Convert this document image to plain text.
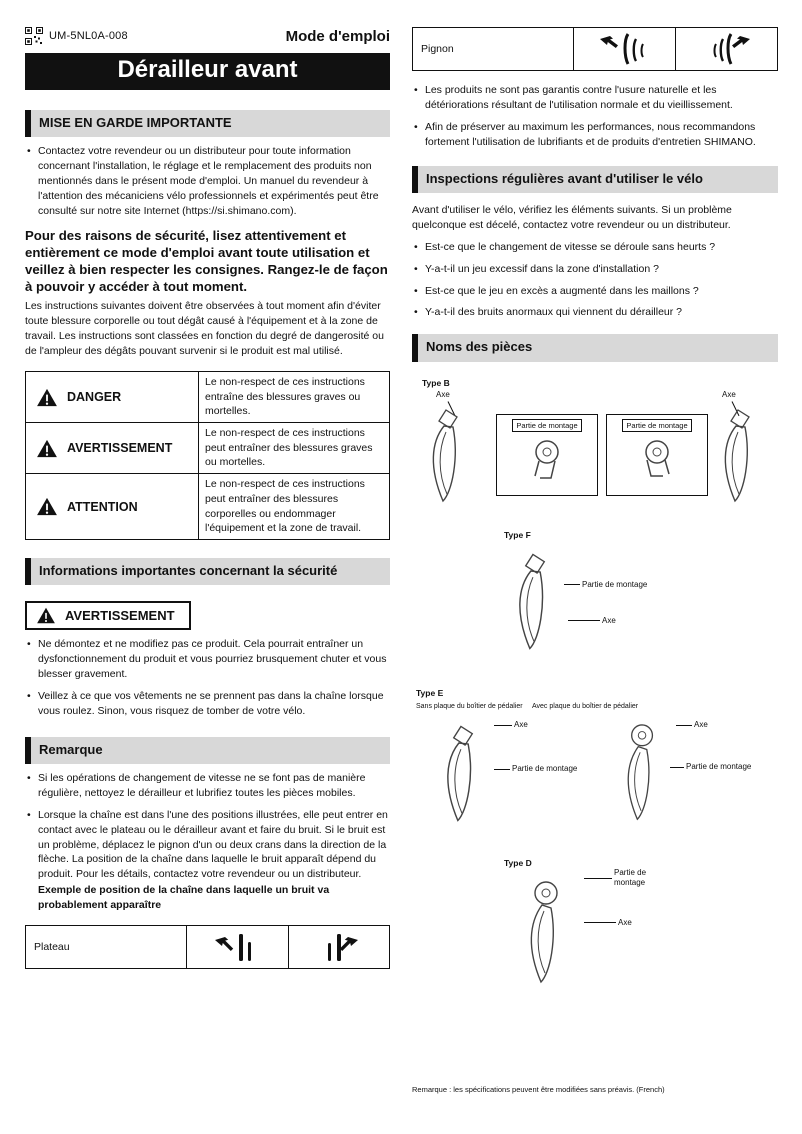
UM-5NL0A-008	Mode d'emploi
Dérailleur avant
MISE EN GARDE IMPORTANTE
• Contactez votre revendeur ou un distributeur pour toute information concernant l'installation, le réglage et le remplacement des produits non mentionnés dans le présent mode d'emploi. Un manuel du revendeur à l'attention des mécaniciens vélo professionnels et expérimentés peut être consulté sur notre site Internet (https://si.shimano.com).
Pour des raisons de sécurité, lisez attentivement et entièrement ce mode d'emploi avant toute utilisation et veillez à bien respecter les consignes. Rangez-le de façon à pouvoir y accéder à tout moment.
Les instructions suivantes doivent être observées à tout moment afin d'éviter toute blessure corporelle ou tout dégât causé à l'équipement et à la zone de travail. Les instructions sont classées en fonction du degré de dangerosité ou de l'ampleur des dégâts pouvant survenir si le produit est mal utilisé.
DANGER
Le non-respect de ces instructions entraîne des blessures graves ou mortelles.
AVERTISSEMENT
Le non-respect de ces instructions peut entraîner des blessures graves ou mortelles.
ATTENTION
Le non-respect de ces instructions peut entraîner des blessures corporelles ou endommager l'équipement et la zone de travail.
Informations importantes concernant la sécurité
AVERTISSEMENT
• Ne démontez et ne modifiez pas ce produit. Cela pourrait entraîner un dysfonctionnement du produit et vous pourriez brusquement chuter et vous blesser gravement.
• Veillez à ce que vos vêtements ne se prennent pas dans la chaîne lorsque vous roulez. Sinon, vous risquez de tomber de votre vélo.
Remarque
• Si les opérations de changement de vitesse ne se font pas de manière régulière, nettoyez le dérailleur et lubrifiez toutes les pièces mobiles.
• Lorsque la chaîne est dans l'une des positions illustrées, elle peut entrer en contact avec le plateau ou le dérailleur avant et faire du bruit. Si le bruit est un problème, déplacez le pignon d'un ou deux crans dans la direction de la flèche. La position de la chaîne dans laquelle le bruit apparaît dépend du produit. Pour les détails, contactez votre revendeur ou un distributeur.
Exemple de position de la chaîne dans laquelle un bruit va probablement apparaître
Plateau
Pignon
• Les produits ne sont pas garantis contre l'usure naturelle et les détériorations résultant de l'utilisation normale et du vieillissement.
• Afin de préserver au maximum les performances, nous recommandons fortement l'utilisation de lubrifiants et de produits d'entretien SHIMANO.
Inspections régulières avant d'utiliser le vélo
Avant d'utiliser le vélo, vérifiez les éléments suivants. Si un problème quelconque est décelé, contactez votre revendeur ou un distributeur.
• Est-ce que le changement de vitesse se déroule sans heurts ?
• Y-a-t-il un jeu excessif dans la zone d'installation ?
• Est-ce que le jeu en excès a augmenté dans les maillons ?
• Y-a-t-il des bruits anormaux qui viennent du dérailleur ?
Noms des pièces
Type B
Axe
Partie de montage	Partie de montage
Axe
Type F
Partie de montage
Axe
Type E
Sans plaque du boîtier de pédalier Avec plaque du boîtier de pédalier
Axe
Partie de montage
Axe
Partie de montage
Type D
Partie de montage
Axe
Remarque : les spécifications peuvent être modifiées sans préavis. (French)
